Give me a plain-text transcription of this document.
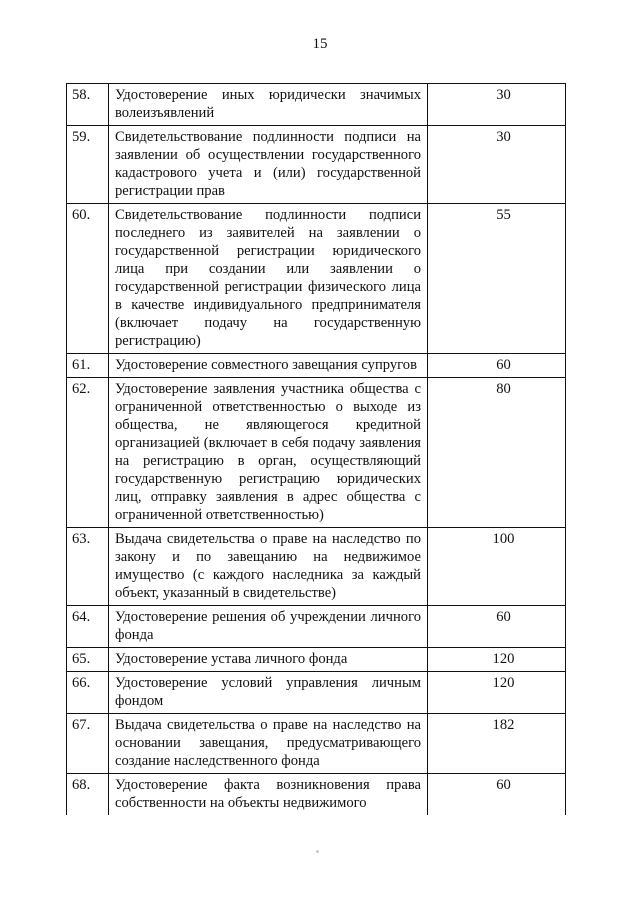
15
58.	Удостоверение иных юридически значимых волеизъявлений	30

59.	Свидетельствование подлинности подписи на заявлении об осуществлении государственного кадастрового учета и (или) государственной регистрации прав	30

60.	Свидетельствование подлинности подписи последнего из заявителей на заявлении о государственной регистрации юридического лица при создании или заявлении о государственной регистрации физического лица в качестве индивидуального предпринимателя (включает подачу на государственную регистрацию)	55

61.	Удостоверение совместного завещания супругов	60

62.	Удостоверение заявления участника общества с ограниченной ответственностью о выходе из общества, не являющегося кредитной организацией (включает в себя подачу заявления на регистрацию в орган, осуществляющий государственную регистрацию юридических лиц, отправку заявления в адрес общества с ограниченной ответственностью)	80

63.	Выдача свидетельства о праве на наследство по закону и по завещанию на недвижимое имущество (с каждого наследника за каждый объект, указанный в свидетельстве)	100

64.	Удостоверение решения об учреждении личного фонда	60

65.	Удостоверение устава личного фонда	120

66.	Удостоверение условий управления личным фондом	120

67.	Выдача свидетельства о праве на наследство на основании завещания, предусматривающего создание наследственного фонда	182

68.	Удостоверение факта возникновения права собственности на объекты недвижимого	60
